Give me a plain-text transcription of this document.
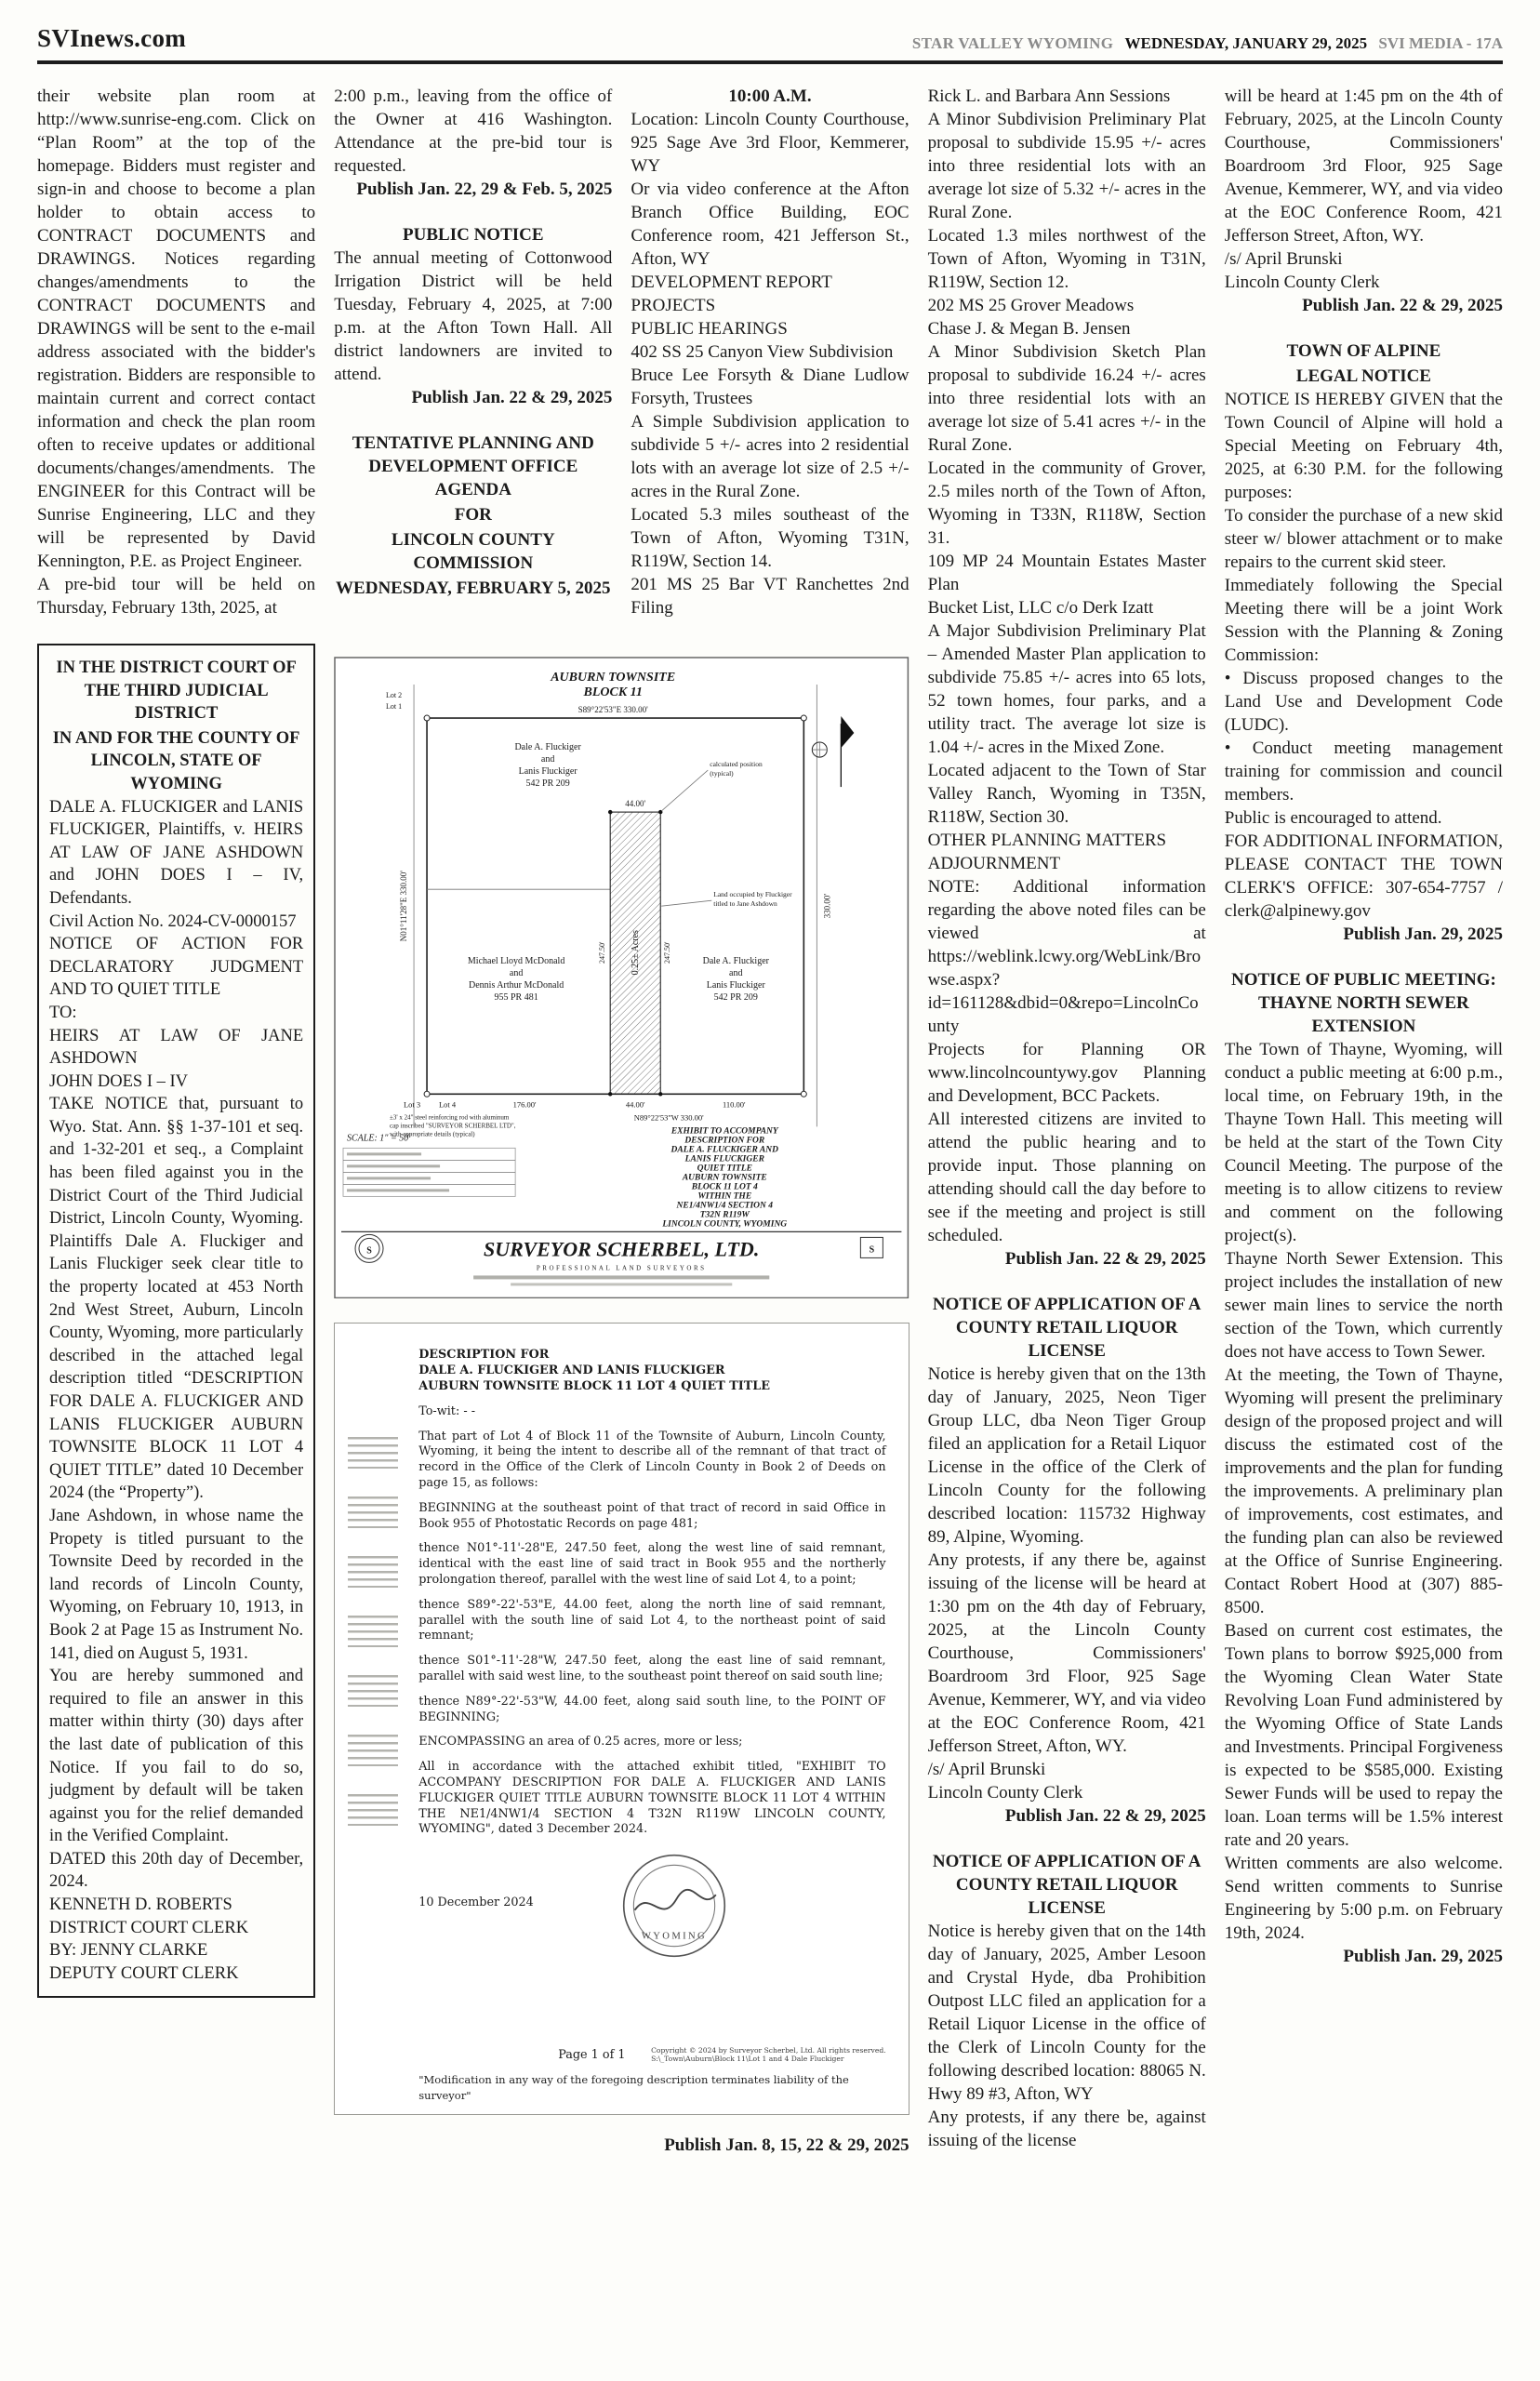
SVInews.com	STAR VALLEY WYOMING WEDNESDAY, JANUARY 29, 2025 SVI MEDIA - 17A

their website plan room at http://www.sunrise-eng.com. Click on “Plan Room” at the top of the homepage. Bidders must register and sign-in and choose to become a plan holder to obtain access to CONTRACT DOCUMENTS and DRAWINGS. Notices regarding changes/amendments to the CONTRACT DOCUMENTS and DRAWINGS will be sent to the e-mail address associated with the bidder's registration. Bidders are responsible to maintain current and correct contact information and check the plan room often to receive updates or additional documents/changes/amendments. The ENGINEER for this Contract will be Sunrise Engineering, LLC and they will be represented by David Kennington, P.E. as Project Engineer.

A pre-bid tour will be held on Thursday, February 13th, 2025, at

IN THE DISTRICT COURT OF THE THIRD JUDICIAL DISTRICT

IN AND FOR THE COUNTY OF LINCOLN, STATE OF WYOMING

DALE A. FLUCKIGER and LANIS FLUCKIGER, Plaintiffs, v. HEIRS AT LAW OF JANE ASHDOWN and JOHN DOES I – IV, Defendants.

Civil Action No. 2024-CV-0000157

NOTICE OF ACTION FOR DECLARATORY JUDGMENT AND TO QUIET TITLE

TO:

HEIRS AT LAW OF JANE ASHDOWN

JOHN DOES I – IV

TAKE NOTICE that, pursuant to Wyo. Stat. Ann. §§ 1-37-101 et seq. and 1-32-201 et seq., a Complaint has been filed against you in the District Court of the Third Judicial District, Lincoln County, Wyoming. Plaintiffs Dale A. Fluckiger and Lanis Fluckiger seek clear title to the property located at 453 North 2nd West Street, Auburn, Lincoln County, Wyoming, more particularly described in the attached legal description titled “DESCRIPTION FOR DALE A. FLUCKIGER AND LANIS FLUCKIGER AUBURN TOWNSITE BLOCK 11 LOT 4 QUIET TITLE” dated 10 December 2024 (the “Property”).

Jane Ashdown, in whose name the Propety is titled pursuant to the Townsite Deed by recorded in the land records of Lincoln County, Wyoming, on February 10, 1913, in Book 2 at Page 15 as Instrument No. 141, died on August 5, 1931.

You are hereby summoned and required to file an answer in this matter within thirty (30) days after the last date of publication of this Notice. If you fail to do so, judgment by default will be taken against you for the relief demanded in the Verified Complaint.

DATED this 20th day of December, 2024.

KENNETH D. ROBERTS

DISTRICT COURT CLERK

BY: JENNY CLARKE

DEPUTY COURT CLERK

2:00 p.m., leaving from the office of the Owner at 416 Washington. Attendance at the pre-bid tour is requested.

Publish Jan. 22, 29 & Feb. 5, 2025

PUBLIC NOTICE

The annual meeting of Cottonwood Irrigation District will be held Tuesday, February 4, 2025, at 7:00 p.m. at the Afton Town Hall. All district landowners are invited to attend.

Publish Jan. 22 & 29, 2025

TENTATIVE PLANNING AND DEVELOPMENT OFFICE AGENDA

FOR

LINCOLN COUNTY COMMISSION

WEDNESDAY, FEBRUARY 5, 2025

10:00 A.M.

Location: Lincoln County Courthouse, 925 Sage Ave 3rd Floor, Kemmerer, WY

Or via video conference at the Afton Branch Office Building, EOC Conference room, 421 Jefferson St., Afton, WY

DEVELOPMENT REPORT

PROJECTS

PUBLIC HEARINGS

402 SS 25 Canyon View Subdivision

Bruce Lee Forsyth & Diane Ludlow Forsyth, Trustees

A Simple Subdivision application to subdivide 5 +/- acres into 2 residential lots with an average lot size of 2.5 +/- acres in the Rural Zone.

Located 5.3 miles southeast of the Town of Afton, Wyoming T31N, R119W, Section 14.

201 MS 25 Bar VT Ranchettes 2nd Filing

AUBURN TOWNSITE
BLOCK 11
S89°22'53"E 330.00'
44.00'
247.50'	247.50'
0.25± Acres
N01°11'28"E 330.00'	330.00'
Dale A. Fluckiger
and
Lanis Fluckiger
542 PR 209
Michael Lloyd McDonald
and
Dennis Arthur McDonald
955 PR 481
Dale A. Fluckiger
and
Lanis Fluckiger
542 PR 209
calculated position
(typical)
Land occupied by Fluckiger
titled to Jane Ashdown
Lot 2
Lot 1
Lot 3 Lot 4	176.00'	44.00'	110.00'
N89°22'53"W 330.00'
±3' x 24" steel reinforcing rod with aluminum
cap inscribed "SURVEYOR SCHERBEL LTD",
with appropriate details (typical)	EXHIBIT TO ACCOMPANY
DESCRIPTION FOR
DALE A. FLUCKIGER AND
LANIS FLUCKIGER
QUIET TITLE
AUBURN TOWNSITE
BLOCK 11 LOT 4
WITHIN THE
NE1/4NW1/4 SECTION 4
T32N R119W
LINCOLN COUNTY, WYOMING
SCALE: 1" = 50'
S	SURVEYOR SCHERBEL, LTD.
PROFESSIONAL LAND SURVEYORS
S

DESCRIPTION FOR

DALE A. FLUCKIGER AND LANIS FLUCKIGER

AUBURN TOWNSITE BLOCK 11 LOT 4 QUIET TITLE

To-wit: - -

That part of Lot 4 of Block 11 of the Townsite of Auburn, Lincoln County, Wyoming, it being the intent to describe all of the remnant of that tract of record in the Office of the Clerk of Lincoln County in Book 2 of Deeds on page 15, as follows:

BEGINNING at the southeast point of that tract of record in said Office in Book 955 of Photostatic Records on page 481;

thence N01°-11'-28"E, 247.50 feet, along the west line of said remnant, identical with the east line of said tract in Book 955 and the northerly prolongation thereof, parallel with the west line of said Lot 4, to a point;

thence S89°-22'-53"E, 44.00 feet, along the north line of said remnant, parallel with the south line of said Lot 4, to the northeast point of said remnant;

thence S01°-11'-28"W, 247.50 feet, along the east line of said remnant, parallel with said west line, to the southeast point thereof on said south line;

thence N89°-22'-53"W, 44.00 feet, along said south line, to the POINT OF BEGINNING;

ENCOMPASSING an area of 0.25 acres, more or less;

All in accordance with the attached exhibit titled, "EXHIBIT TO ACCOMPANY DESCRIPTION FOR DALE A. FLUCKIGER AND LANIS FLUCKIGER QUIET TITLE AUBURN TOWNSITE BLOCK 11 LOT 4 WITHIN THE NE1/4NW1/4 SECTION 4 T32N R119W LINCOLN COUNTY, WYOMING", dated 3 December 2024.

10 December 2024
WYOMING
Page 1 of 1	Copyright © 2024 by Surveyor Scherbel, Ltd. All rights reserved.
S:\_Town\Auburn\Block 11\Lot 1 and 4 Dale Fluckiger

"Modification in any way of the foregoing description terminates liability of the surveyor"

Publish Jan. 8, 15, 22 & 29, 2025

Rick L. and Barbara Ann Sessions

A Minor Subdivision Preliminary Plat proposal to subdivide 15.95 +/- acres into three residential lots with an average lot size of 5.32 +/- acres in the Rural Zone.

Located 1.3 miles northwest of the Town of Afton, Wyoming in T31N, R119W, Section 12.

202 MS 25 Grover Meadows

Chase J. & Megan B. Jensen

A Minor Subdivision Sketch Plan proposal to subdivide 16.24 +/- acres into three residential lots with an average lot size of 5.41 acres +/- in the Rural Zone.

Located in the community of Grover, 2.5 miles north of the Town of Afton, Wyoming in T33N, R118W, Section 31.

109 MP 24 Mountain Estates Master Plan

Bucket List, LLC c/o Derk Izatt

A Major Subdivision Preliminary Plat – Amended Master Plan application to subdivide 75.85 +/- acres into 65 lots, 52 town homes, four parks, and a utility tract. The average lot size is 1.04 +/- acres in the Mixed Zone.

Located adjacent to the Town of Star Valley Ranch, Wyoming in T35N, R118W, Section 30.

OTHER PLANNING MATTERS

ADJOURNMENT

NOTE: Additional information regarding the above noted files can be viewed at https://weblink.lcwy.org/WebLink/Browse.aspx?id=161128&dbid=0&repo=LincolnCounty

Projects for Planning OR www.lincolncountywy.gov Planning and Development, BCC Packets.

All interested citizens are invited to attend the public hearing and to provide input. Those planning on attending should call the day before to see if the meeting and project is still scheduled.

Publish Jan. 22 & 29, 2025

NOTICE OF APPLICATION OF A COUNTY RETAIL LIQUOR LICENSE

Notice is hereby given that on the 13th day of January, 2025, Neon Tiger Group LLC, dba Neon Tiger Group filed an application for a Retail Liquor License in the office of the Clerk of Lincoln County for the following described location: 115732 Highway 89, Alpine, Wyoming.

Any protests, if any there be, against issuing of the license will be heard at 1:30 pm on the 4th day of February, 2025, at the Lincoln County Courthouse, Commissioners' Boardroom 3rd Floor, 925 Sage Avenue, Kemmerer, WY, and via video at the EOC Conference Room, 421 Jefferson Street, Afton, WY.

/s/ April Brunski

Lincoln County Clerk

Publish Jan. 22 & 29, 2025

NOTICE OF APPLICATION OF A COUNTY RETAIL LIQUOR LICENSE

Notice is hereby given that on the 14th day of January, 2025, Amber Lesoon and Crystal Hyde, dba Prohibition Outpost LLC filed an application for a Retail Liquor License in the office of the Clerk of Lincoln County for the following described location: 88065 N. Hwy 89 #3, Afton, WY

Any protests, if any there be, against issuing of the license

will be heard at 1:45 pm on the 4th of February, 2025, at the Lincoln County Courthouse, Commissioners' Boardroom 3rd Floor, 925 Sage Avenue, Kemmerer, WY, and via video at the EOC Conference Room, 421 Jefferson Street, Afton, WY.

/s/ April Brunski

Lincoln County Clerk

Publish Jan. 22 & 29, 2025

TOWN OF ALPINE

LEGAL NOTICE

NOTICE IS HEREBY GIVEN that the Town Council of Alpine will hold a Special Meeting on February 4th, 2025, at 6:30 P.M. for the following purposes:

To consider the purchase of a new skid steer w/ blower attachment or to make repairs to the current skid steer.

Immediately following the Special Meeting there will be a joint Work Session with the Planning & Zoning Commission:

• Discuss proposed changes to the Land Use and Development Code (LUDC).

• Conduct meeting management training for commission and council members.

Public is encouraged to attend.

FOR ADDITIONAL INFORMATION, PLEASE CONTACT THE TOWN CLERK'S OFFICE: 307-654-7757 / clerk@alpinewy.gov

Publish Jan. 29, 2025

NOTICE OF PUBLIC MEETING: THAYNE NORTH SEWER EXTENSION

The Town of Thayne, Wyoming, will conduct a public meeting at 6:00 p.m., local time, on February 19th, in the Thayne Town Hall. This meeting will be held at the start of the Town City Council Meeting. The purpose of the meeting is to allow citizens to review and comment on the following project(s).

Thayne North Sewer Extension. This project includes the installation of new sewer main lines to service the north section of the Town, which currently does not have access to Town Sewer.

At the meeting, the Town of Thayne, Wyoming will present the preliminary design of the proposed project and will discuss the estimated cost of the improvements and the plan for funding the improvements. A preliminary plan of improvements, cost estimates, and the funding plan can also be reviewed at the Office of Sunrise Engineering. Contact Robert Hood at (307) 885-8500.

Based on current cost estimates, the Town plans to borrow $925,000 from the Wyoming Clean Water State Revolving Loan Fund administered by the Wyoming Office of State Lands and Investments. Principal Forgiveness is expected to be $585,000. Existing Sewer Funds will be used to repay the loan. Loan terms will be 1.5% interest rate and 20 years.

Written comments are also welcome. Send written comments to Sunrise Engineering by 5:00 p.m. on February 19th, 2024.

Publish Jan. 29, 2025
